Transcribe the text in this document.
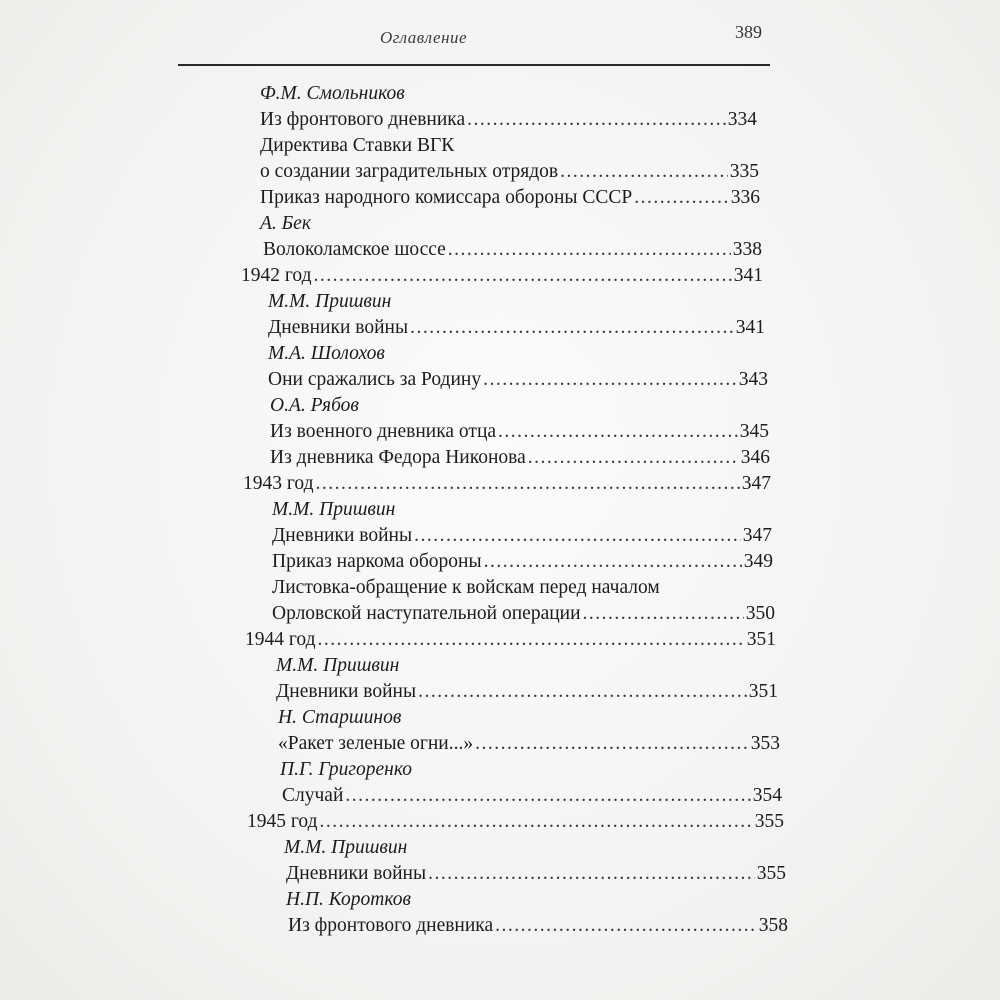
Оглавление	389
Ф.М. Смольников
Из фронтового дневника .....	334
Директива Ставки ВГК
о создании заградительных отрядов .....	335
Приказ народного комиссара обороны СССР .....	336
А. Бек
Волоколамское шоссе .....	338
1942 год .....	341
М.М. Пришвин
Дневники войны .....	341
М.А. Шолохов
Они сражались за Родину .....	343
О.А. Рябов
Из военного дневника отца .....	345
Из дневника Федора Никонова .....	346
1943 год .....	347
М.М. Пришвин
Дневники войны .....	347
Приказ наркома обороны .....	349
Листовка-обращение к войскам перед началом
Орловской наступательной операции .....	350
1944 год .....	351
М.М. Пришвин
Дневники войны .....	351
Н. Старшинов
«Ракет зеленые огни...» .....	353
П.Г. Григоренко
Случай .....	354
1945 год .....	355
М.М. Пришвин
Дневники войны .....	355
Н.П. Коротков
Из фронтового дневника .....	358
